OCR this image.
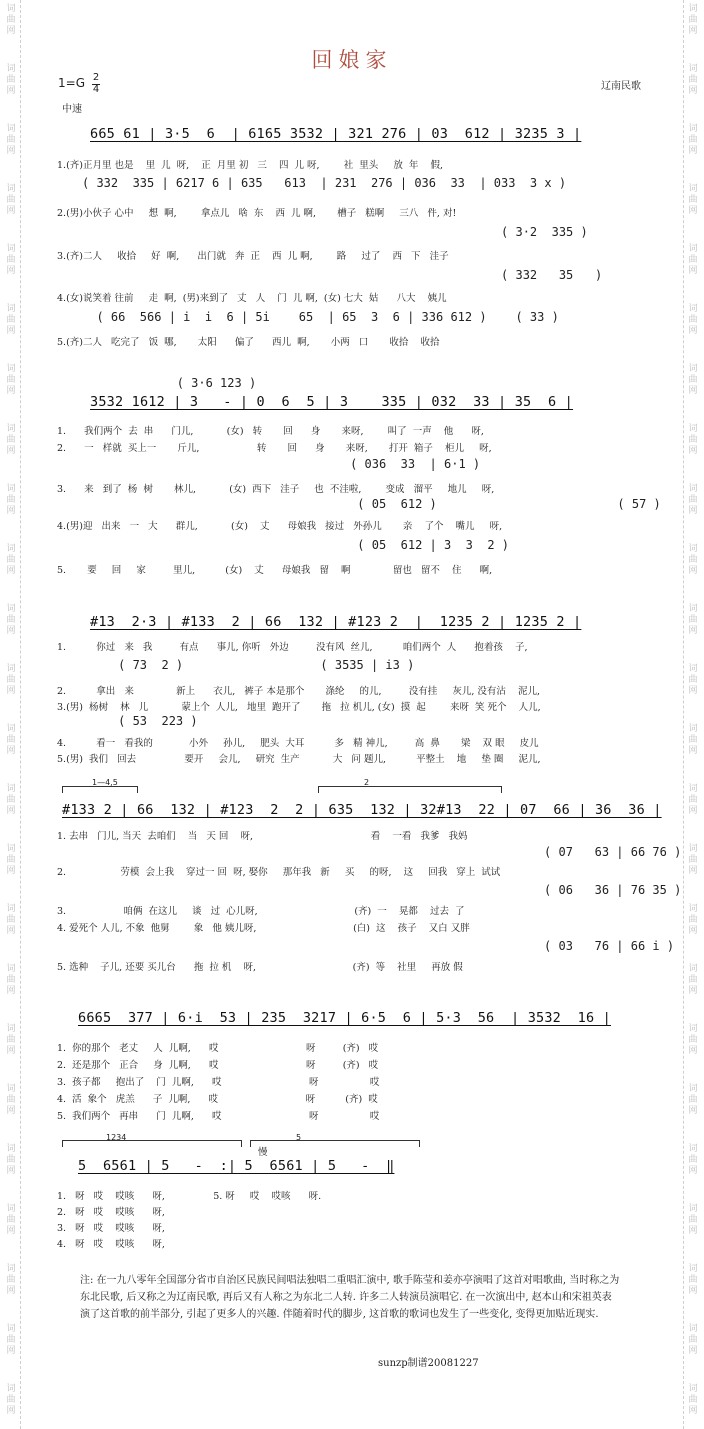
词
曲
网
词
曲
网
词
曲
网
词
曲
网
词
曲
网
词
曲
网
词
曲
网
词
曲
网
词
曲
网
词
曲
网
词
曲
网
词
曲
网
词
曲
网
词
曲
网
词
曲
网
词
曲
网
词
曲
网
词
曲
网
词
曲
网
词
曲
网
词
曲
网
词
曲
网
词
曲
网
词
曲
网
词
曲
网
词
曲
网
词
曲
网
词
曲
网
词
曲
网
词
曲
网
词
曲
网
词
曲
网
词
曲
网
词
曲
网
词
曲
网
词
曲
网
词
曲
网
词
曲
网
词
曲
网
词
曲
网
词
曲
网
词
曲
网
词
曲
网
词
曲
网
词
曲
网
词
曲
网
词
曲
网
词
曲
网
回娘家
1=G 2
4
中速
辽南民歌
665 61 | 3·5  6  | 6165 3532 | 321 276 | 03  612 | 3235 3 |
1.(齐)正月里 也是    里  儿  呀,    正  月里 初   三    四  儿 呀,        社  里头     放  年    假,
( 332  335 | 6217 6 | 635   613  | 231  276 | 036  33  | 033  3 x )
2.(男)小伙子 心中     想  啊,        拿点儿   啥  东    西  儿 啊,       槽子   糕啊     三八   件, 对!
( 3·2  335 )
3.(齐)二人     收拾     好  啊,      出门就   奔  正    西  儿 啊,        路     过了    西   下   洼子
( 332   35   )
4.(女)说笑着 往前     走  啊,  (男)来到了   丈   人    门  儿 啊,  (女) 七大  姑      八大    姨儿
( 66  566 | i  i  6 | 5i    65  | 65  3  6 | 336 612 )    ( 33 )
5.(齐)二人   吃完了   饭  哪,       太阳      偏了      西儿  啊,       小两   口       收拾    收拾
( 3·6 123 )
3532 1612 | 3   - | 0  6  5 | 3    335 | 032  33 | 35  6 |
1.      我们两个  去  串      门儿,           (女)   转       回      身       来呀,        叫了  一声    他      呀,
2.      一   样就  买上一       斤儿,                   转       回      身       来呀,       打开  箱子    柜儿     呀,
( 036  33  | 6·1 )
3.      来   到了  杨  树       林儿,           (女)  西下   洼子     也  不洼啦,        变成   溜平     地儿     呀,
( 05  612 )                         ( 57 )
4.(男)迎   出来   一   大      群儿,           (女)    丈      母娘我   接过   外孙儿       亲    了个    嘴儿     呀,
( 05  612 | 3  3  2 )
5.       要     回     家         里儿,          (女)    丈      母娘我   留    啊              留也   留不    住      啊,
#13  2·3 | #133  2 | 66  132 | #123 2  |  1235 2 | 1235 2 |
1.          你过   来   我         有点      事儿, 你听   外边         没有风  丝儿,          咱们两个  人      抱着孩    子,
( 73  2 )                   ( 3535 | i3 )
2.          拿出   来              新上      衣儿,   裤子 本是那个       涤纶     的儿,         没有挂     灰儿, 没有沾    泥儿,
3.(男)  杨树    林   儿           蒙上个  人儿,   地里  跑开了       拖   拉 机儿, (女)  摸  起        来呀  笑 死个    人儿,
( 53  223 )
4.          看一   看我的            小外     孙儿,     肥头  大耳          多   精 神儿,         高  鼻       梁    双 眼     皮儿
5.(男)  我们   回去                要开     会儿,     研究  生产           大   问 题儿,          平整土    地     垫 圈     泥儿,
1—4,5	2
#133 2 | 66  132 | #123  2  2 | 635  132 | 32#13  22 | 07  66 | 36  36 |
1. 去串   门儿, 当天  去咱们    当   天 回    呀,                                       看    一看   我爹   我妈
( 07   63 | 66 76 )
2.                  劳模  会上我    穿过一 回  呀, 娶你     那年我   新     买     的呀,    这     回我   穿上  试试
( 06   36 | 76 35 )
3.                   咱俩  在这儿     谈   过  心儿呀,                                (齐)  一    晃都    过去  了
4. 爱死个 人儿, 不象  他舅        象   他 姨儿呀,                                (白)  这    孩子    又白 又胖
( 03   76 | 66 i )
5. 选种    子儿, 还要 买儿台      拖  拉 机    呀,                                (齐)  等    社里     再放 假
6665  377 | 6·i  53 | 235  3217 | 6·5  6 | 5·3  56  | 3532  16 |
1.  你的那个   老丈     人  儿啊,      哎                             呀         (齐)   哎
2.  还是那个   正合     身  儿啊,      哎                             呀         (齐)   哎
3.  孩子都     抱出了    门  儿啊,      哎                             呀                 哎
4.  活  象个   虎羔      子  儿啊,      哎                             呀          (齐)  哎
5.  我们两个   再串      门  儿啊,      哎                             呀                 哎
1234	5
慢
5  6561 | 5   -  :| 5  6561 | 5   -  ‖
1.   呀   哎    哎咳      呀,                5. 呀     哎    哎咳      呀.
2.   呀   哎    哎咳      呀,
3.   呀   哎    哎咳      呀,
4.   呀   哎    哎咳      呀,
注: 在一九八零年全国部分省市自治区民族民间唱法独唱二重唱汇演中, 歌手陈莹和姜亦亭演唱了这首对唱歌曲, 当时称之为东北民歌, 后又称之为辽南民歌, 再后又有人称之为东北二人转. 许多二人转演员演唱它. 在一次演出中, 赵本山和宋祖英表演了这首歌的前半部分, 引起了更多人的兴趣. 伴随着时代的脚步, 这首歌的歌词也发生了一些变化, 变得更加贴近现实.
sunzp制谱20081227
